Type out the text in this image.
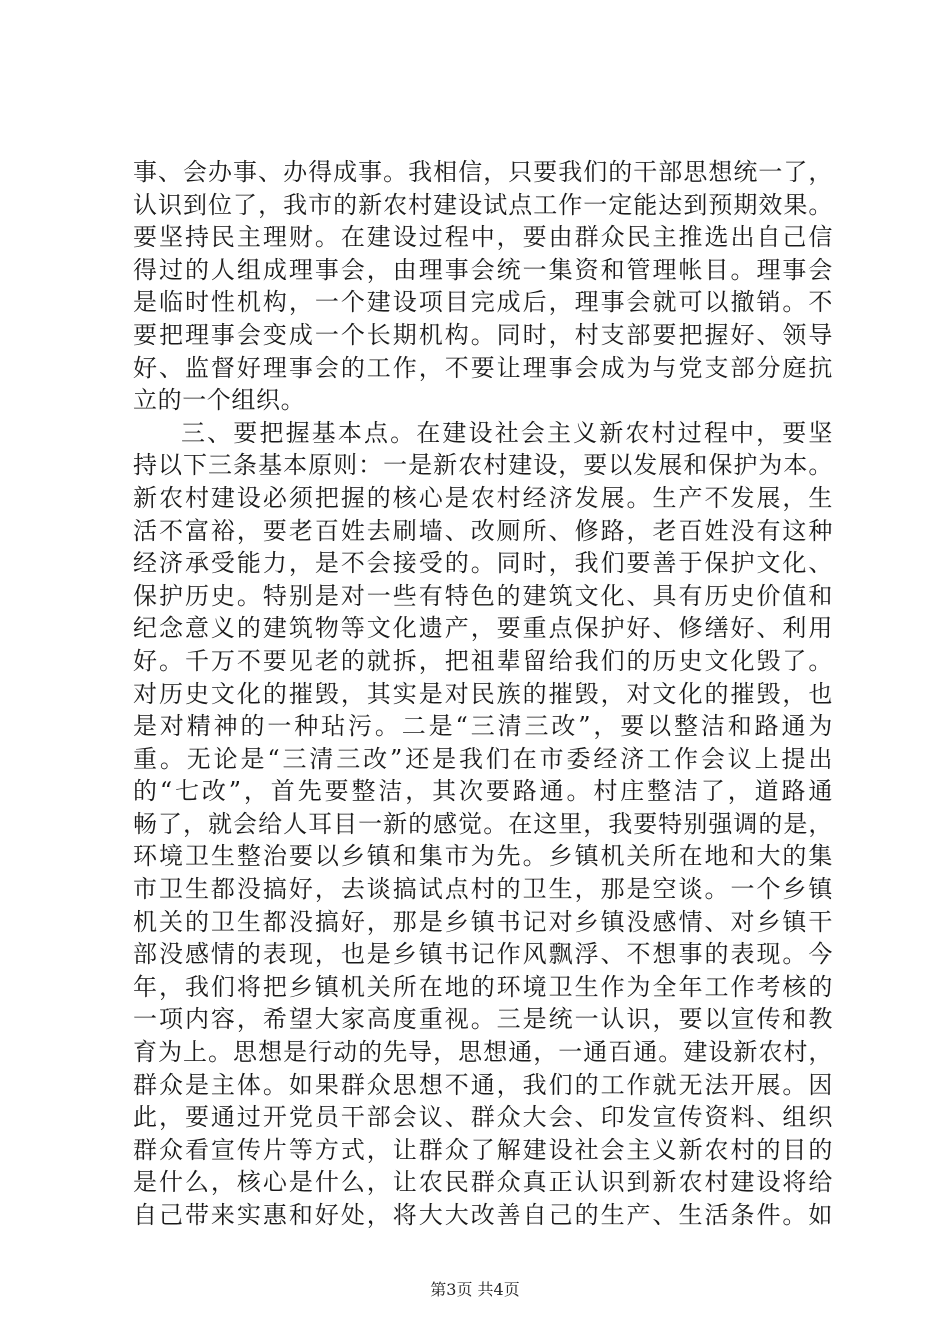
事、会办事、办得成事。我相信，只要我们的干部思想统一了，
认识到位了，我市的新农村建设试点工作一定能达到预期效果。
要坚持民主理财。在建设过程中，要由群众民主推选出自己信
得过的人组成理事会，由理事会统一集资和管理帐目。理事会
是临时性机构，一个建设项目完成后，理事会就可以撤销。不
要把理事会变成一个长期机构。同时，村支部要把握好、领导
好、监督好理事会的工作，不要让理事会成为与党支部分庭抗
立的一个组织。
三、要把握基本点。在建设社会主义新农村过程中，要坚
持以下三条基本原则：一是新农村建设，要以发展和保护为本。
新农村建设必须把握的核心是农村经济发展。生产不发展，生
活不富裕，要老百姓去刷墙、改厕所、修路，老百姓没有这种
经济承受能力，是不会接受的。同时，我们要善于保护文化、
保护历史。特别是对一些有特色的建筑文化、具有历史价值和
纪念意义的建筑物等文化遗产，要重点保护好、修缮好、利用
好。千万不要见老的就拆，把祖辈留给我们的历史文化毁了。
对历史文化的摧毁，其实是对民族的摧毁，对文化的摧毁，也
是对精神的一种玷污。二是“三清三改”，要以整洁和路通为
重。无论是“三清三改”还是我们在市委经济工作会议上提出
的“七改”，首先要整洁，其次要路通。村庄整洁了，道路通
畅了，就会给人耳目一新的感觉。在这里，我要特别强调的是，
环境卫生整治要以乡镇和集市为先。乡镇机关所在地和大的集
市卫生都没搞好，去谈搞试点村的卫生，那是空谈。一个乡镇
机关的卫生都没搞好，那是乡镇书记对乡镇没感情、对乡镇干
部没感情的表现，也是乡镇书记作风飘浮、不想事的表现。今
年，我们将把乡镇机关所在地的环境卫生作为全年工作考核的
一项内容，希望大家高度重视。三是统一认识，要以宣传和教
育为上。思想是行动的先导，思想通，一通百通。建设新农村，
群众是主体。如果群众思想不通，我们的工作就无法开展。因
此，要通过开党员干部会议、群众大会、印发宣传资料、组织
群众看宣传片等方式，让群众了解建设社会主义新农村的目的
是什么，核心是什么，让农民群众真正认识到新农村建设将给
自己带来实惠和好处，将大大改善自己的生产、生活条件。如
第3页 共4页
